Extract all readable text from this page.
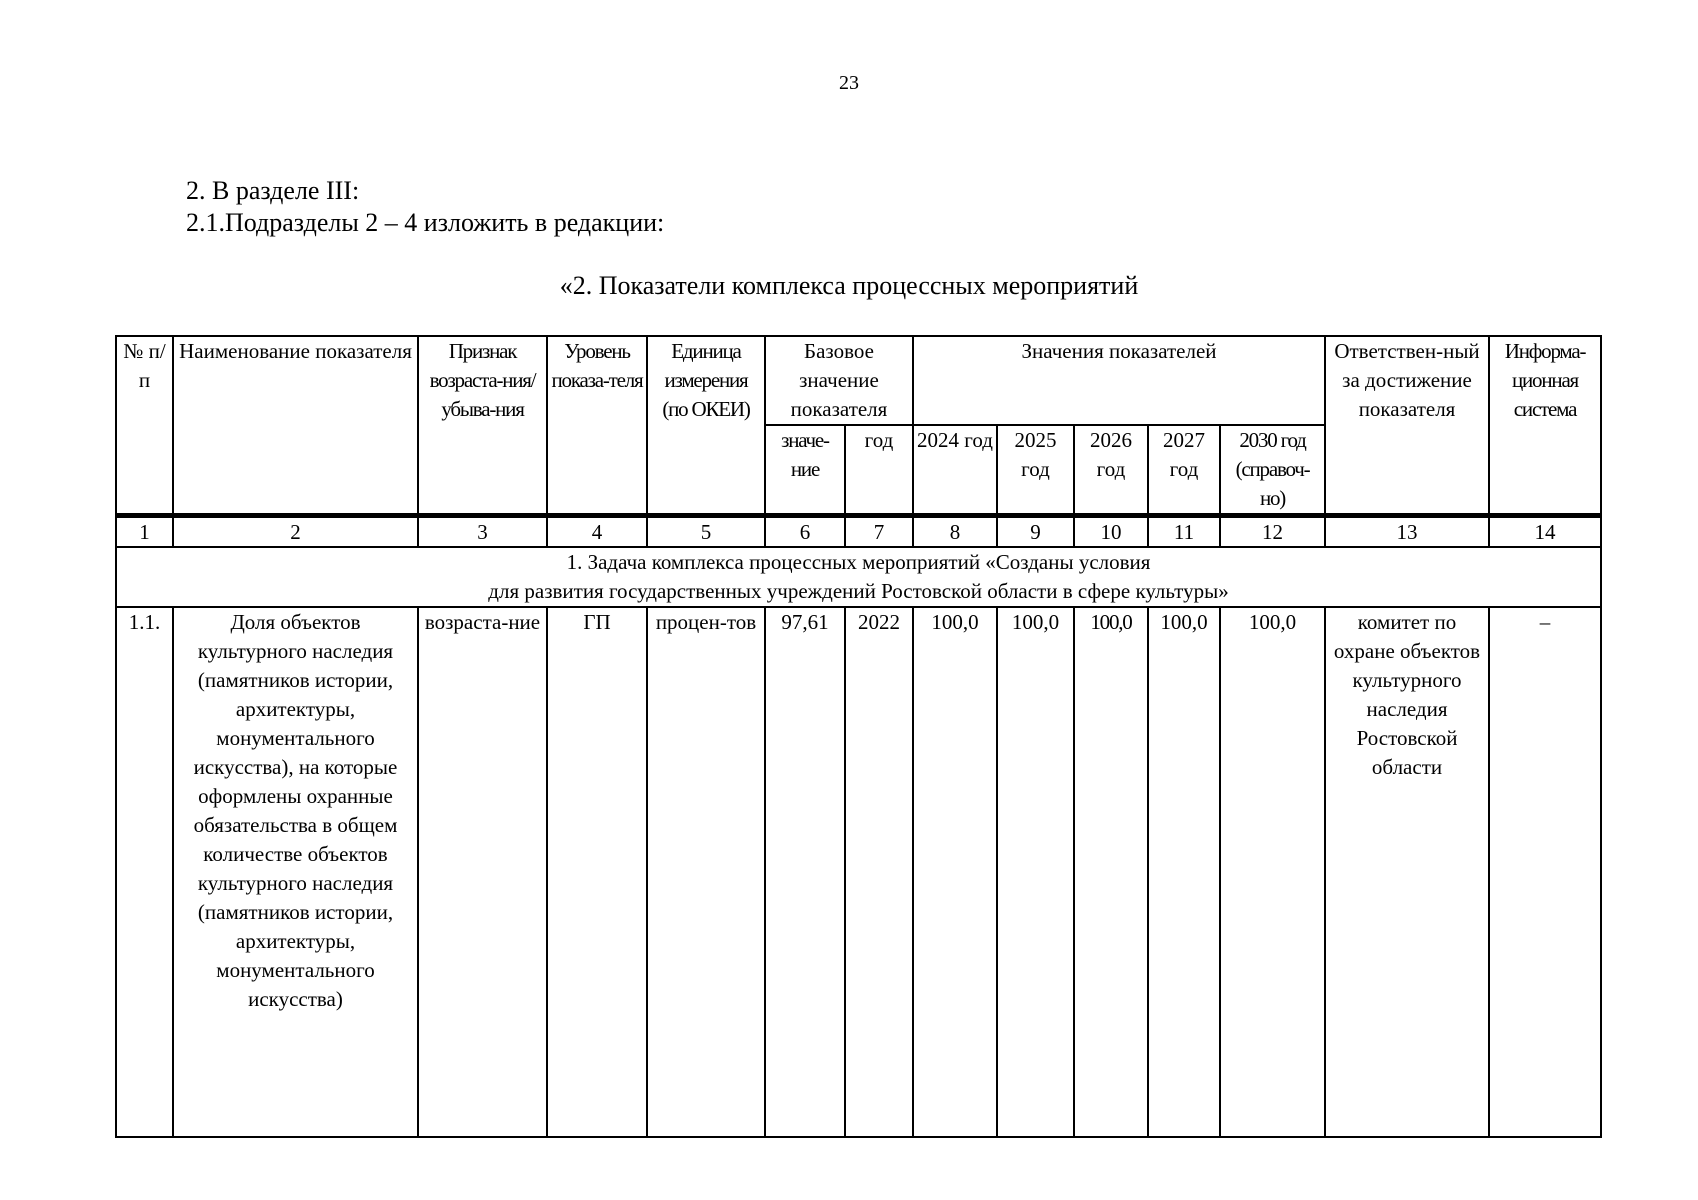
23
2. В разделе III:
2.1.Подразделы 2 – 4 изложить в редакции:
«2. Показатели комплекса процессных мероприятий
№ п/п	Наименование показателя	Признак возраста-ния/убыва-ния	Уровень показа-теля	Единица измерения (по ОКЕИ)	Базовое значение показателя		Значения показателей					Ответствен-ный за достижение показателя	Информа-ционная система
					значе-ние	год	2024 год	2025 год	2026 год	2027 год	2030 год (справоч-но)		
1	2	3	4	5	6	7	8	9	10	11	12	13	14

1. Задача комплекса процессных мероприятий «Созданы условия
для развития государственных учреждений Ростовской области в сфере культуры»													

1.1.	Доля объектов культурного наследия (памятников истории, архитектуры, монументального искусства), на которые оформлены охранные обязательства в общем количестве объектов культурного наследия (памятников истории, архитектуры, монументального искусства)	возраста-ние	ГП	процен-тов	97,61	2022	100,0	100,0	100,0	100,0	100,0	комитет по охране объектов культурного наследия Ростовской области	–
